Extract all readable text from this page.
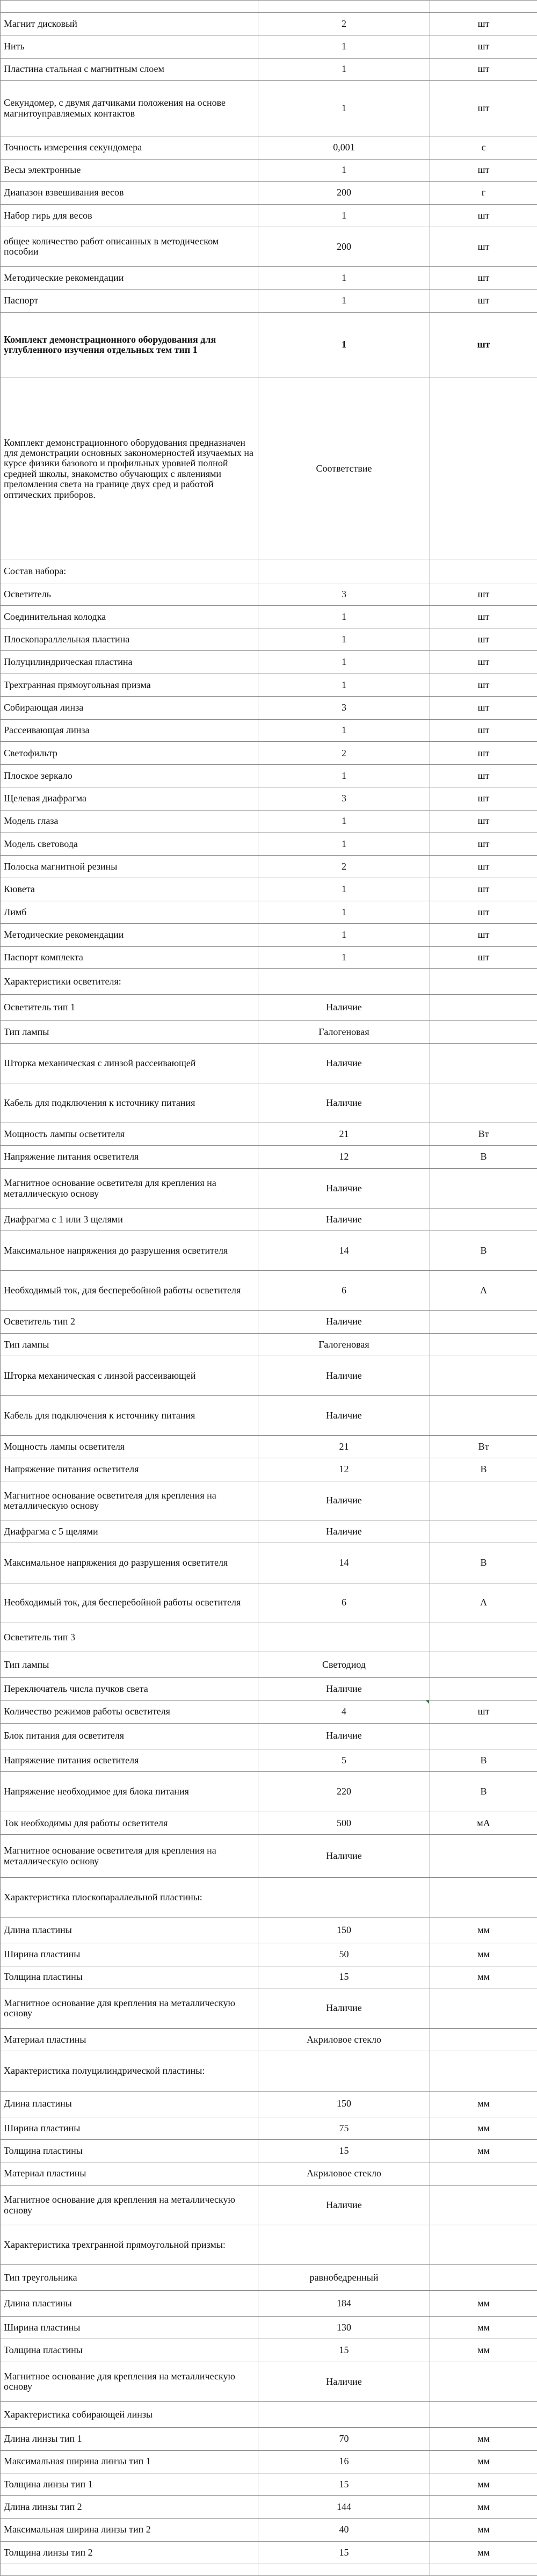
Магнит дисковый	2	шт
Нить	1	шт
Пластина стальная с магнитным слоем	1	шт
Секундомер, с двумя датчиками положения на основе магнитоуправляемых контактов	1	шт
Точность измерения секундомера	0,001	с
Весы электронные	1	шт
Диапазон взвешивания весов	200	г
Набор гирь для весов	1	шт
общее количество работ описанных в методическом пособии	200	шт
Методические рекомендации	1	шт
Паспорт	1	шт
Комплект демонстрационного оборудования для углубленного изучения отдельных тем тип 1	1	шт
Комплект демонстрационного оборудования предназначен для демонстрации основных закономерностей изучаемых на курсе физики базового и профильных уровней полной средней школы, знакомство обучающих с явлениями преломления света на границе двух сред и работой оптических приборов.	Соответствие	
Состав набора:		
Осветитель	3	шт
Соединительная колодка	1	шт
Плоскопараллельная пластина	1	шт
Полуцилиндрическая пластина	1	шт
Трехгранная прямоугольная призма	1	шт
Собирающая линза	3	шт
Рассеивающая линза	1	шт
Светофильтр	2	шт
Плоское зеркало	1	шт
Щелевая диафрагма	3	шт
Модель глаза	1	шт
Модель световода	1	шт
Полоска магнитной резины	2	шт
Кювета	1	шт
Лимб	1	шт
Методические рекомендации	1	шт
Паспорт комплекта	1	шт
Характеристики осветителя:		
Осветитель тип 1	Наличие	
Тип лампы	Галогеновая	
Шторка механическая с линзой рассеивающей	Наличие	
Кабель для подключения к источнику питания	Наличие	
Мощность лампы осветителя	21	Вт
Напряжение питания осветителя	12	В
Магнитное основание осветителя для крепления на металлическую основу	Наличие	
Диафрагма с 1 или 3 щелями	Наличие	
Максимальное напряжения до разрушения осветителя	14	В
Необходимый ток, для бесперебойной работы осветителя	6	А
Осветитель тип 2	Наличие	
Тип лампы	Галогеновая	
Шторка механическая с линзой рассеивающей	Наличие	
Кабель для подключения к источнику питания	Наличие	
Мощность лампы осветителя	21	Вт
Напряжение питания осветителя	12	В
Магнитное основание осветителя для крепления на металлическую основу	Наличие	
Диафрагма с 5 щелями	Наличие	
Максимальное напряжения до разрушения осветителя	14	В
Необходимый ток, для бесперебойной работы осветителя	6	А
Осветитель тип 3		
Тип лампы	Светодиод	
Переключатель числа пучков света	Наличие	
Количество режимов работы осветителя	4	шт
Блок питания для осветителя	Наличие	
Напряжение питания осветителя	5	В
Напряжение необходимое для блока питания	220	В
Ток необходимы для работы осветителя	500	мА
Магнитное основание осветителя для крепления на металлическую основу	Наличие	
Характеристика плоскопараллельной пластины:		
Длина пластины	150	мм
Ширина пластины	50	мм
Толщина пластины	15	мм
Магнитное основание для крепления на металлическую основу	Наличие	
Материал пластины	Акриловое стекло	
Характеристика полуцилиндрической пластины:		
Длина пластины	150	мм
Ширина пластины	75	мм
Толщина пластины	15	мм
Материал пластины	Акриловое стекло	
Магнитное основание для крепления на металлическую основу	Наличие	
Характеристика трехгранной прямоугольной призмы:		
Тип треугольника	равнобедренный	
Длина пластины	184	мм
Ширина пластины	130	мм
Толщина пластины	15	мм
Магнитное основание для крепления на металлическую основу	Наличие	
Характеристика собирающей линзы		
Длина линзы тип 1	70	мм
Максимальная ширина линзы тип 1	16	мм
Толщина линзы тип 1	15	мм
Длина линзы тип 2	144	мм
Максимальная ширина линзы тип 2	40	мм
Толщина линзы тип 2	15	мм
